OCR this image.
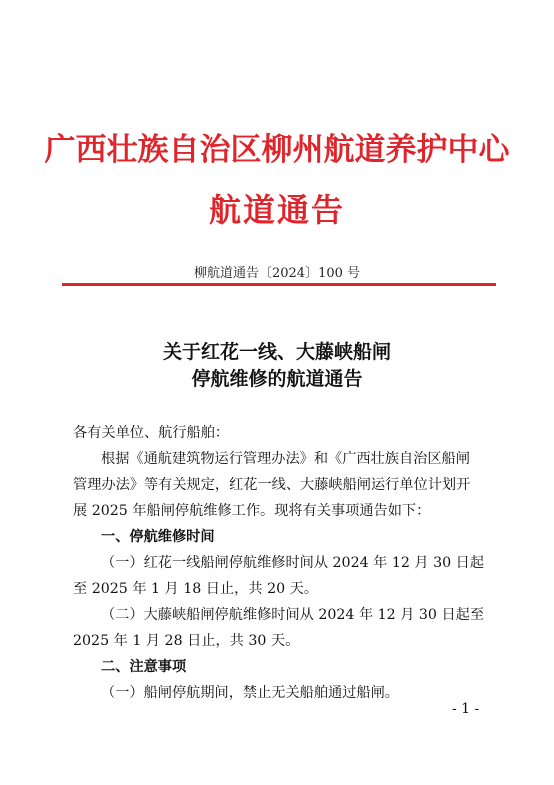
广西壮族自治区柳州航道养护中心
航道通告
柳航道通告〔2024〕100 号
关于红花一线、大藤峡船闸
停航维修的航道通告

各有关单位、航行船舶：

根据《通航建筑物运行管理办法》和《广西壮族自治区船闸

管理办法》等有关规定，红花一线、大藤峡船闸运行单位计划开

展 2025 年船闸停航维修工作。现将有关事项通告如下：

一、停航维修时间

（一）红花一线船闸停航维修时间从 2024 年 12 月 30 日起

至 2025 年 1 月 18 日止，共 20 天。

（二）大藤峡船闸停航维修时间从 2024 年 12 月 30 日起至

2025 年 1 月 28 日止，共 30 天。

二、注意事项

（一）船闸停航期间，禁止无关船舶通过船闸。

- 1 -
